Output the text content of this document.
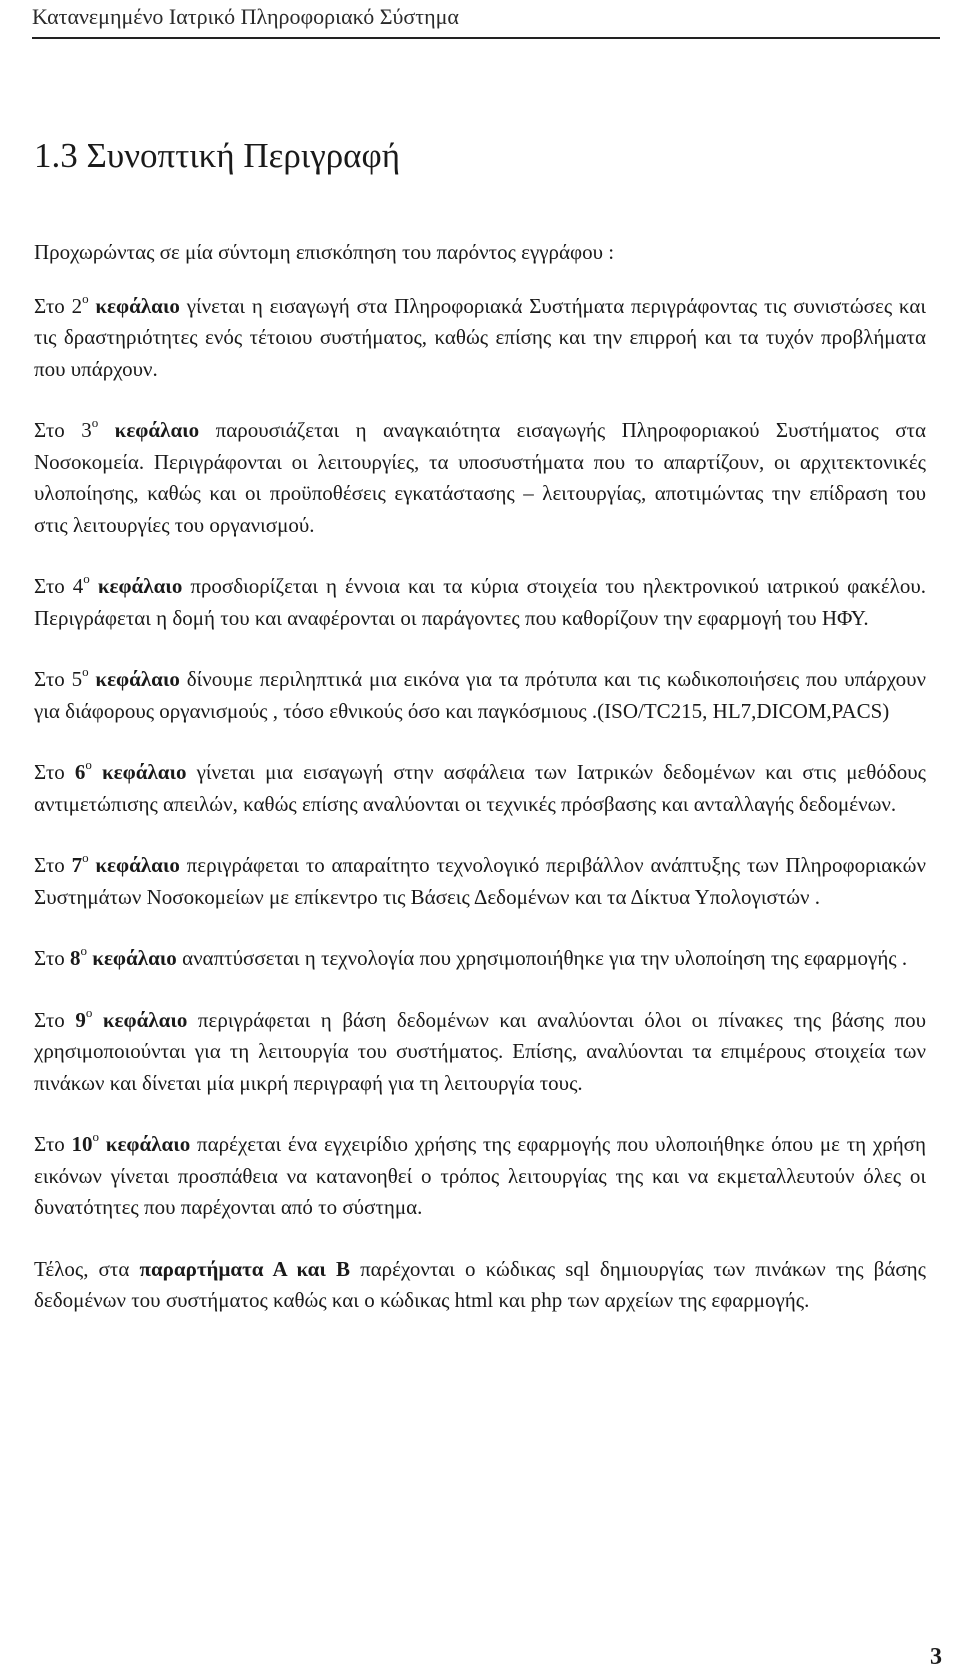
Κατανεμημένο Ιατρικό Πληροφοριακό Σύστημα
1.3 Συνοπτική Περιγραφή

Προχωρώντας σε μία σύντομη επισκόπηση του παρόντος εγγράφου :

Στο $2^o$ κεφάλαιο γίνεται η εισαγωγή στα Πληροφοριακά Συστήματα περιγράφοντας τις συνιστώσες και τις δραστηριότητες ενός τέτοιου συστήματος, καθώς επίσης και την επιρροή και τα τυχόν προβλήματα που υπάρχουν.

Στο $3^o$ κεφάλαιο παρουσιάζεται η αναγκαιότητα εισαγωγής Πληροφοριακού Συστήματος στα Νοσοκομεία. Περιγράφονται οι λειτουργίες, τα υποσυστήματα που το απαρτίζουν, οι αρχιτεκτονικές υλοποίησης, καθώς και οι προϋποθέσεις εγκατάστασης – λειτουργίας, αποτιμώντας την επίδραση του στις λειτουργίες του οργανισμού.

Στο $4^o$ κεφάλαιο προσδιορίζεται η έννοια και τα κύρια στοιχεία του ηλεκτρονικού ιατρικού φακέλου. Περιγράφεται η δομή του και αναφέρονται οι παράγοντες που καθορίζουν την εφαρμογή του ΗΦΥ.

Στο $5^o$ κεφάλαιο δίνουμε περιληπτικά μια εικόνα για τα πρότυπα και τις κωδικοποιήσεις που υπάρχουν για διάφορους οργανισμούς , τόσο εθνικούς όσο και παγκόσμιους .(ISO/TC215, HL7,DICOM,PACS)

Στο $6^o$ κεφάλαιο γίνεται μια εισαγωγή στην ασφάλεια των Ιατρικών δεδομένων και στις μεθόδους αντιμετώπισης απειλών, καθώς επίσης αναλύονται οι τεχνικές πρόσβασης και ανταλλαγής δεδομένων.

Στο $7^o$ κεφάλαιο περιγράφεται το απαραίτητο τεχνολογικό περιβάλλον ανάπτυξης των Πληροφοριακών Συστημάτων Νοσοκομείων με επίκεντρο τις Βάσεις Δεδομένων και τα Δίκτυα Υπολογιστών .

Στο $8^o$ κεφάλαιο αναπτύσσεται η τεχνολογία που χρησιμοποιήθηκε για την υλοποίηση της εφαρμογής .

Στο $9^o$ κεφάλαιο περιγράφεται η βάση δεδομένων και αναλύονται όλοι οι πίνακες της βάσης που χρησιμοποιούνται για τη λειτουργία του συστήματος. Επίσης, αναλύονται τα επιμέρους στοιχεία των πινάκων και δίνεται μία μικρή περιγραφή για τη λειτουργία τους.

Στο $10^o$ κεφάλαιο παρέχεται ένα εγχειρίδιο χρήσης της εφαρμογής που υλοποιήθηκε όπου με τη χρήση εικόνων γίνεται προσπάθεια να κατανοηθεί ο τρόπος λειτουργίας της και να εκμεταλλευτούν όλες οι δυνατότητες που παρέχονται από το σύστημα.

Τέλος, στα παραρτήματα Α και Β παρέχονται ο κώδικας sql δημιουργίας των πινάκων της βάσης δεδομένων του συστήματος καθώς και ο κώδικας html και php των αρχείων της εφαρμογής.

3
